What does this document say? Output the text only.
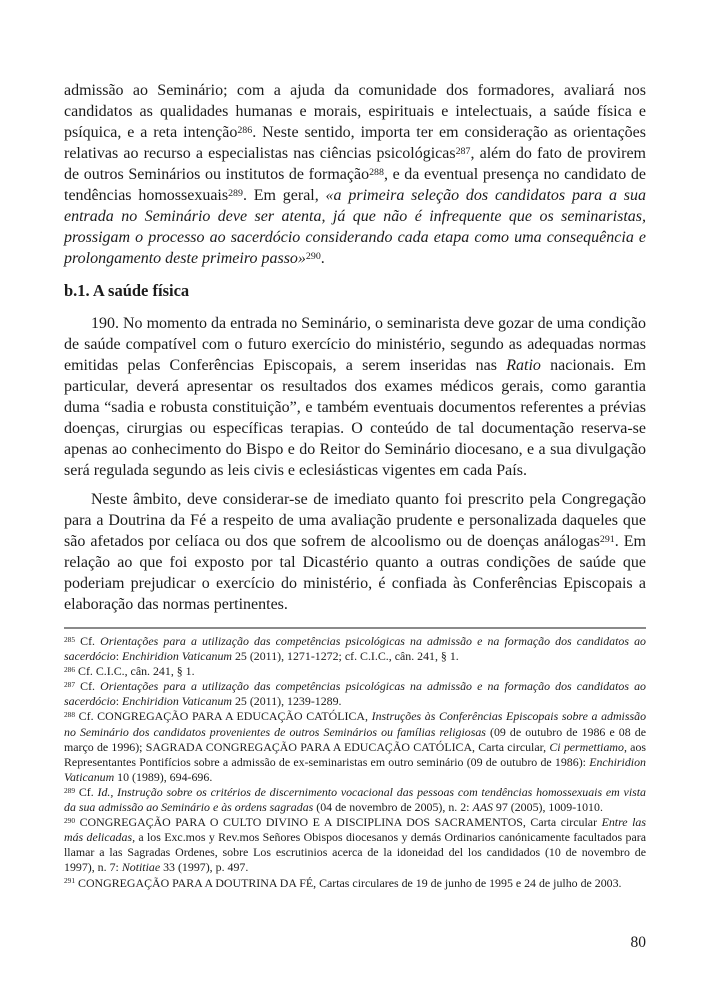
admissão ao Seminário; com a ajuda da comunidade dos formadores, avaliará nos candidatos as qualidades humanas e morais, espirituais e intelectuais, a saúde física e psíquica, e a reta intenção$^{286}$. Neste sentido, importa ter em consideração as orientações relativas ao recurso a especialistas nas ciências psicológicas$^{287}$, além do fato de provirem de outros Seminários ou institutos de formação$^{288}$, e da eventual presença no candidato de tendências homossexuais$^{289}$. Em geral, «a primeira seleção dos candidatos para a sua entrada no Seminário deve ser atenta, já que não é infrequente que os seminaristas, prossigam o processo ao sacerdócio considerando cada etapa como uma consequência e prolongamento deste primeiro passo»$^{290}$.

b.1. A saúde física

190. No momento da entrada no Seminário, o seminarista deve gozar de uma condição de saúde compatível com o futuro exercício do ministério, segundo as adequadas normas emitidas pelas Conferências Episcopais, a serem inseridas nas Ratio nacionais. Em particular, deverá apresentar os resultados dos exames médicos gerais, como garantia duma “sadia e robusta constituição”, e também eventuais documentos referentes a prévias doenças, cirurgias ou específicas terapias. O conteúdo de tal documentação reserva-se apenas ao conhecimento do Bispo e do Reitor do Seminário diocesano, e a sua divulgação será regulada segundo as leis civis e eclesiásticas vigentes em cada País.

Neste âmbito, deve considerar-se de imediato quanto foi prescrito pela Congregação para a Doutrina da Fé a respeito de uma avaliação prudente e personalizada daqueles que são afetados por celíaca ou dos que sofrem de alcoolismo ou de doenças análogas$^{291}$. Em relação ao que foi exposto por tal Dicastério quanto a outras condições de saúde que poderiam prejudicar o exercício do ministério, é confiada às Conferências Episcopais a elaboração das normas pertinentes.

$^{285}$ Cf. Orientações para a utilização das competências psicológicas na admissão e na formação dos candidatos ao sacerdócio: Enchiridion Vaticanum 25 (2011), 1271-1272; cf. C.I.C., cân. 241, § 1.

$^{286}$ Cf. C.I.C., cân. 241, § 1.

$^{287}$ Cf. Orientações para a utilização das competências psicológicas na admissão e na formação dos candidatos ao sacerdócio: Enchiridion Vaticanum 25 (2011), 1239-1289.

$^{288}$ Cf. CONGREGAÇÃO PARA A EDUCAÇÃO CATÓLICA, Instruções às Conferências Episcopais sobre a admissão no Seminário dos candidatos provenientes de outros Seminários ou famílias religiosas (09 de outubro de 1986 e 08 de março de 1996); SAGRADA CONGREGAÇÃO PARA A EDUCAÇÃO CATÓLICA, Carta circular, Ci permettiamo, aos Representantes Pontifícios sobre a admissão de ex-seminaristas em outro seminário (09 de outubro de 1986): Enchiridion Vaticanum 10 (1989), 694-696.

$^{289}$ Cf. Id., Instrução sobre os critérios de discernimento vocacional das pessoas com tendências homossexuais em vista da sua admissão ao Seminário e às ordens sagradas (04 de novembro de 2005), n. 2: AAS 97 (2005), 1009-1010.

$^{290}$ CONGREGAÇÃO PARA O CULTO DIVINO E A DISCIPLINA DOS SACRAMENTOS, Carta circular Entre las más delicadas, a los Exc.mos y Rev.mos Señores Obispos diocesanos y demás Ordinarios canónicamente facultados para llamar a las Sagradas Ordenes, sobre Los escrutinios acerca de la idoneidad del los candidados (10 de novembro de 1997), n. 7: Notitiae 33 (1997), p. 497.

$^{291}$ CONGREGAÇÃO PARA A DOUTRINA DA FÉ, Cartas circulares de 19 de junho de 1995 e 24 de julho de 2003.

80
